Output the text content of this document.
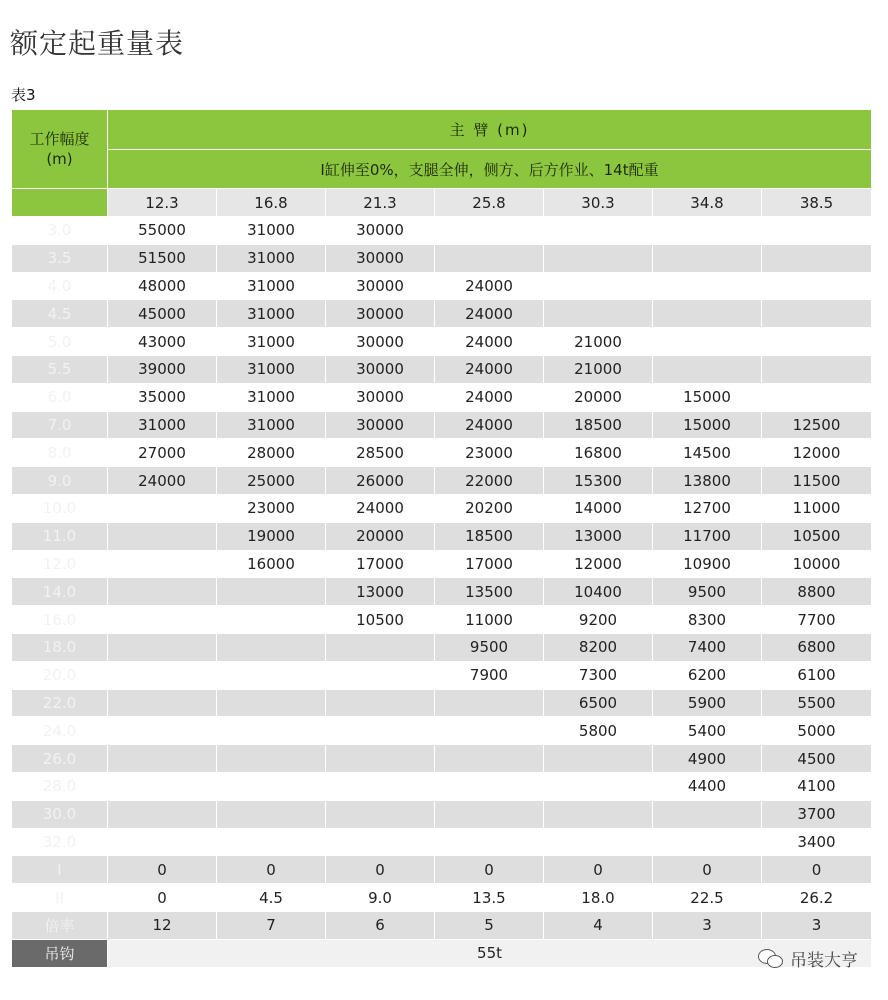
额定起重量表
表3
工作幅度
(m)	主 臂 (m)						
	I缸伸至0%，支腿全伸，侧方、后方作业、14t配重						
	12.3	16.8	21.3	25.8	30.3	34.8	38.5
3.0	55000	31000	30000				
3.5	51500	31000	30000				
4.0	48000	31000	30000	24000			
4.5	45000	31000	30000	24000			
5.0	43000	31000	30000	24000	21000		
5.5	39000	31000	30000	24000	21000		
6.0	35000	31000	30000	24000	20000	15000	
7.0	31000	31000	30000	24000	18500	15000	12500
8.0	27000	28000	28500	23000	16800	14500	12000
9.0	24000	25000	26000	22000	15300	13800	11500
10.0		23000	24000	20200	14000	12700	11000
11.0		19000	20000	18500	13000	11700	10500
12.0		16000	17000	17000	12000	10900	10000
14.0			13000	13500	10400	9500	8800
16.0			10500	11000	9200	8300	7700
18.0				9500	8200	7400	6800
20.0				7900	7300	6200	6100
22.0					6500	5900	5500
24.0					5800	5400	5000
26.0						4900	4500
28.0						4400	4100
30.0							3700
32.0							3400
I	0	0	0	0	0	0	0
II	0	4.5	9.0	13.5	18.0	22.5	26.2
倍率	12	7	6	5	4	3	3
吊钩	55t							吊装大亨
